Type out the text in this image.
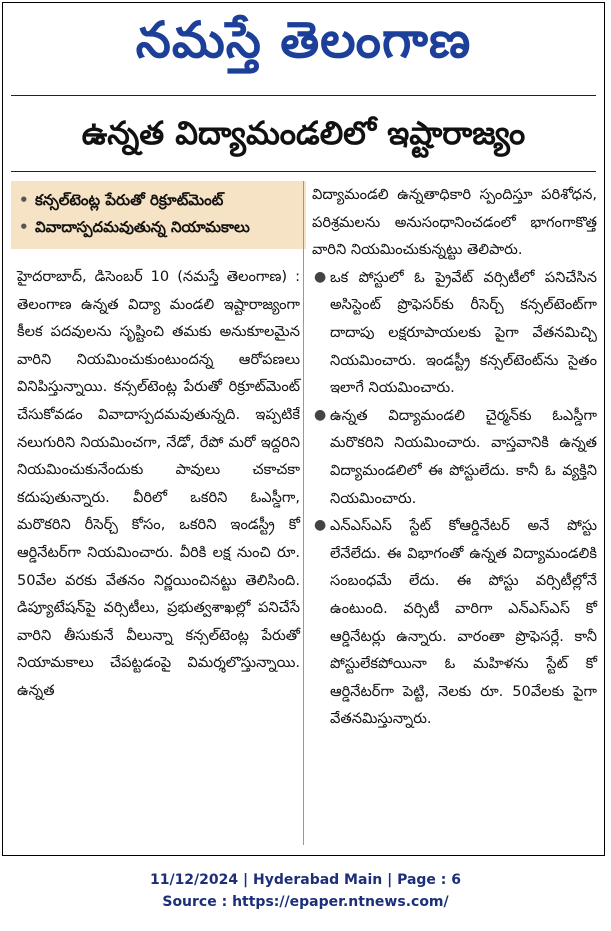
నమస్తే తెలంగాణ
ఉన్నత విద్యామండలిలో ఇష్టారాజ్యం
• కన్సల్‌టెంట్ల పేరుతో రిక్రూట్‌మెంట్
• వివాదాస్పదమవుతున్న నియామకాలు
హైదరాబాద్‌, డిసెంబర్‌ 10 (నమస్తే తెలంగాణ) : తెలంగాణ ఉన్నత విద్యా మండలి ఇష్టారాజ్యంగా కీలక పదవులను సృష్టించి తమకు అనుకూలమైన వారిని నియమించుకుంటుందన్న ఆరోపణలు వినిపిస్తున్నాయి. కన్సల్‌టెంట్ల పేరుతో రిక్రూట్‌మెంట్‌ చేసుకోవడం వివాదాస్పదమవుతున్నది. ఇప్పటికే నలుగురిని నియమించగా, నేడో, రేపో మరో ఇద్దరిని నియమించుకునేందుకు పావులు చకాచకా కదుపుతున్నారు. వీరిలో ఒకరిని ఓఎస్డీగా, మరొకరిని రీసెర్చ్‌ కోసం, ఒకరిని ఇండస్ట్రీ కో ఆర్డినేటర్‌గా నియమించారు. వీరికి లక్ష నుంచి రూ. 50వేల వరకు వేతనం నిర్ణయించినట్టు తెలిసింది. డిప్యూటేషన్‌పై వర్సిటీలు, ప్రభుత్వశాఖల్లో పనిచేసే వారిని తీసుకునే వీలున్నా కన్సల్‌టెంట్ల పేరుతో నియామకాలు చేపట్టడంపై విమర్శలొస్తున్నాయి. ఉన్నత
విద్యామండలి ఉన్నతాధికారి స్పందిస్తూ పరిశోధన, పరిశ్రమలను అనుసంధానించడంలో భాగంగాకొత్త వారిని నియమించుకున్నట్టు తెలిపారు.
● ఒక పోస్టులో ఓ ప్రైవేట్‌ వర్సిటీలో పనిచేసిన అసిస్టెంట్‌ ప్రొఫెసర్‌కు రీసెర్చ్‌ కన్సల్‌టెంట్‌గా దాదాపు లక్షరూపాయలకు పైగా వేతనమిచ్చి నియమించారు. ఇండస్ట్రీ కన్సల్‌టెంట్‌ను సైతం ఇలాగే నియమించారు.
● ఉన్నత విద్యామండలి చైర్మన్‌కు ఓఎస్డీగా మరొకరిని నియమించారు. వాస్తవానికి ఉన్నత విద్యామండలిలో ఈ పోస్టులేదు. కానీ ఓ వ్యక్తిని నియమించారు.
● ఎన్‌ఎస్‌ఎస్‌ స్టేట్‌ కోఆర్డినేటర్‌ అనే పోస్టు లేనేలేదు. ఈ విభాగంతో ఉన్నత విద్యామండలికి సంబంధమే లేదు. ఈ పోస్టు వర్సిటీల్లోనే ఉంటుంది. వర్సిటీ వారిగా ఎన్‌ఎస్‌ఎస్‌ కో ఆర్డినేటర్లు ఉన్నారు. వారంతా ప్రొఫెసర్లే. కానీ పోస్టులేకపోయినా ఓ మహిళను స్టేట్‌ కో ఆర్డినేటర్‌గా పెట్టి, నెలకు రూ. 50వేలకు పైగా వేతనమిస్తున్నారు.
11/12/2024 | Hyderabad Main | Page : 6
Source : https://epaper.ntnews.com/
